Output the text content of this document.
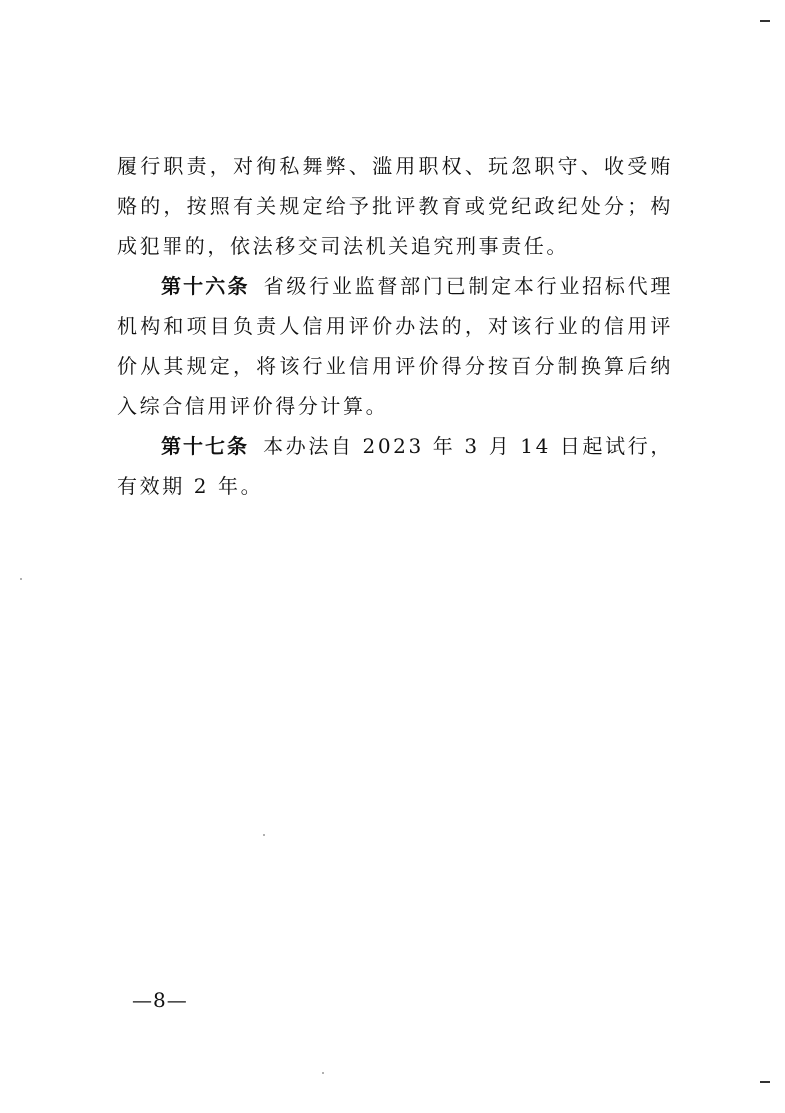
履行职责，对徇私舞弊、滥用职权、玩忽职守、收受贿赂的，按照有关规定给予批评教育或党纪政纪处分；构成犯罪的，依法移交司法机关追究刑事责任。

第十六条 省级行业监督部门已制定本行业招标代理机构和项目负责人信用评价办法的，对该行业的信用评价从其规定，将该行业信用评价得分按百分制换算后纳入综合信用评价得分计算。

第十七条 本办法自 2023 年 3 月 14 日起试行，有效期 2 年。

—8—
